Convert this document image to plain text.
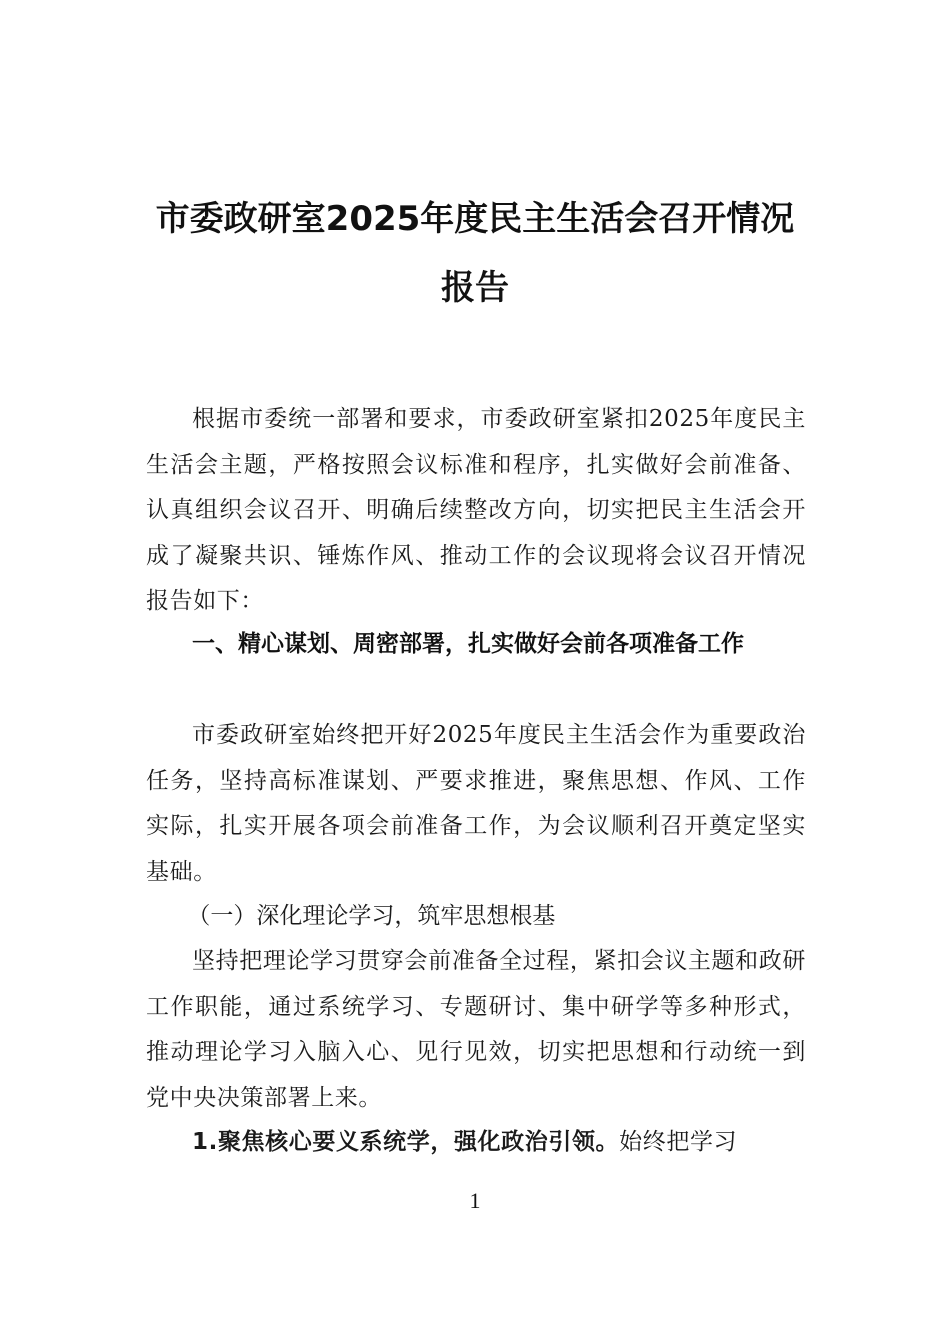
市委政研室2025年度民主生活会召开情况
报告
根据市委统一部署和要求，市委政研室紧扣2025年度民主生活会主题，严格按照会议标准和程序，扎实做好会前准备、认真组织会议召开、明确后续整改方向，切实把民主生活会开成了凝聚共识、锤炼作风、推动工作的会议现将会议召开情况报告如下：
一、精心谋划、周密部署，扎实做好会前各项准备工作
市委政研室始终把开好2025年度民主生活会作为重要政治任务，坚持高标准谋划、严要求推进，聚焦思想、作风、工作实际，扎实开展各项会前准备工作，为会议顺利召开奠定坚实基础。
（一）深化理论学习，筑牢思想根基
坚持把理论学习贯穿会前准备全过程，紧扣会议主题和政研工作职能，通过系统学习、专题研讨、集中研学等多种形式，推动理论学习入脑入心、见行见效，切实把思想和行动统一到党中央决策部署上来。
1.聚焦核心要义系统学，强化政治引领。始终把学习
1
